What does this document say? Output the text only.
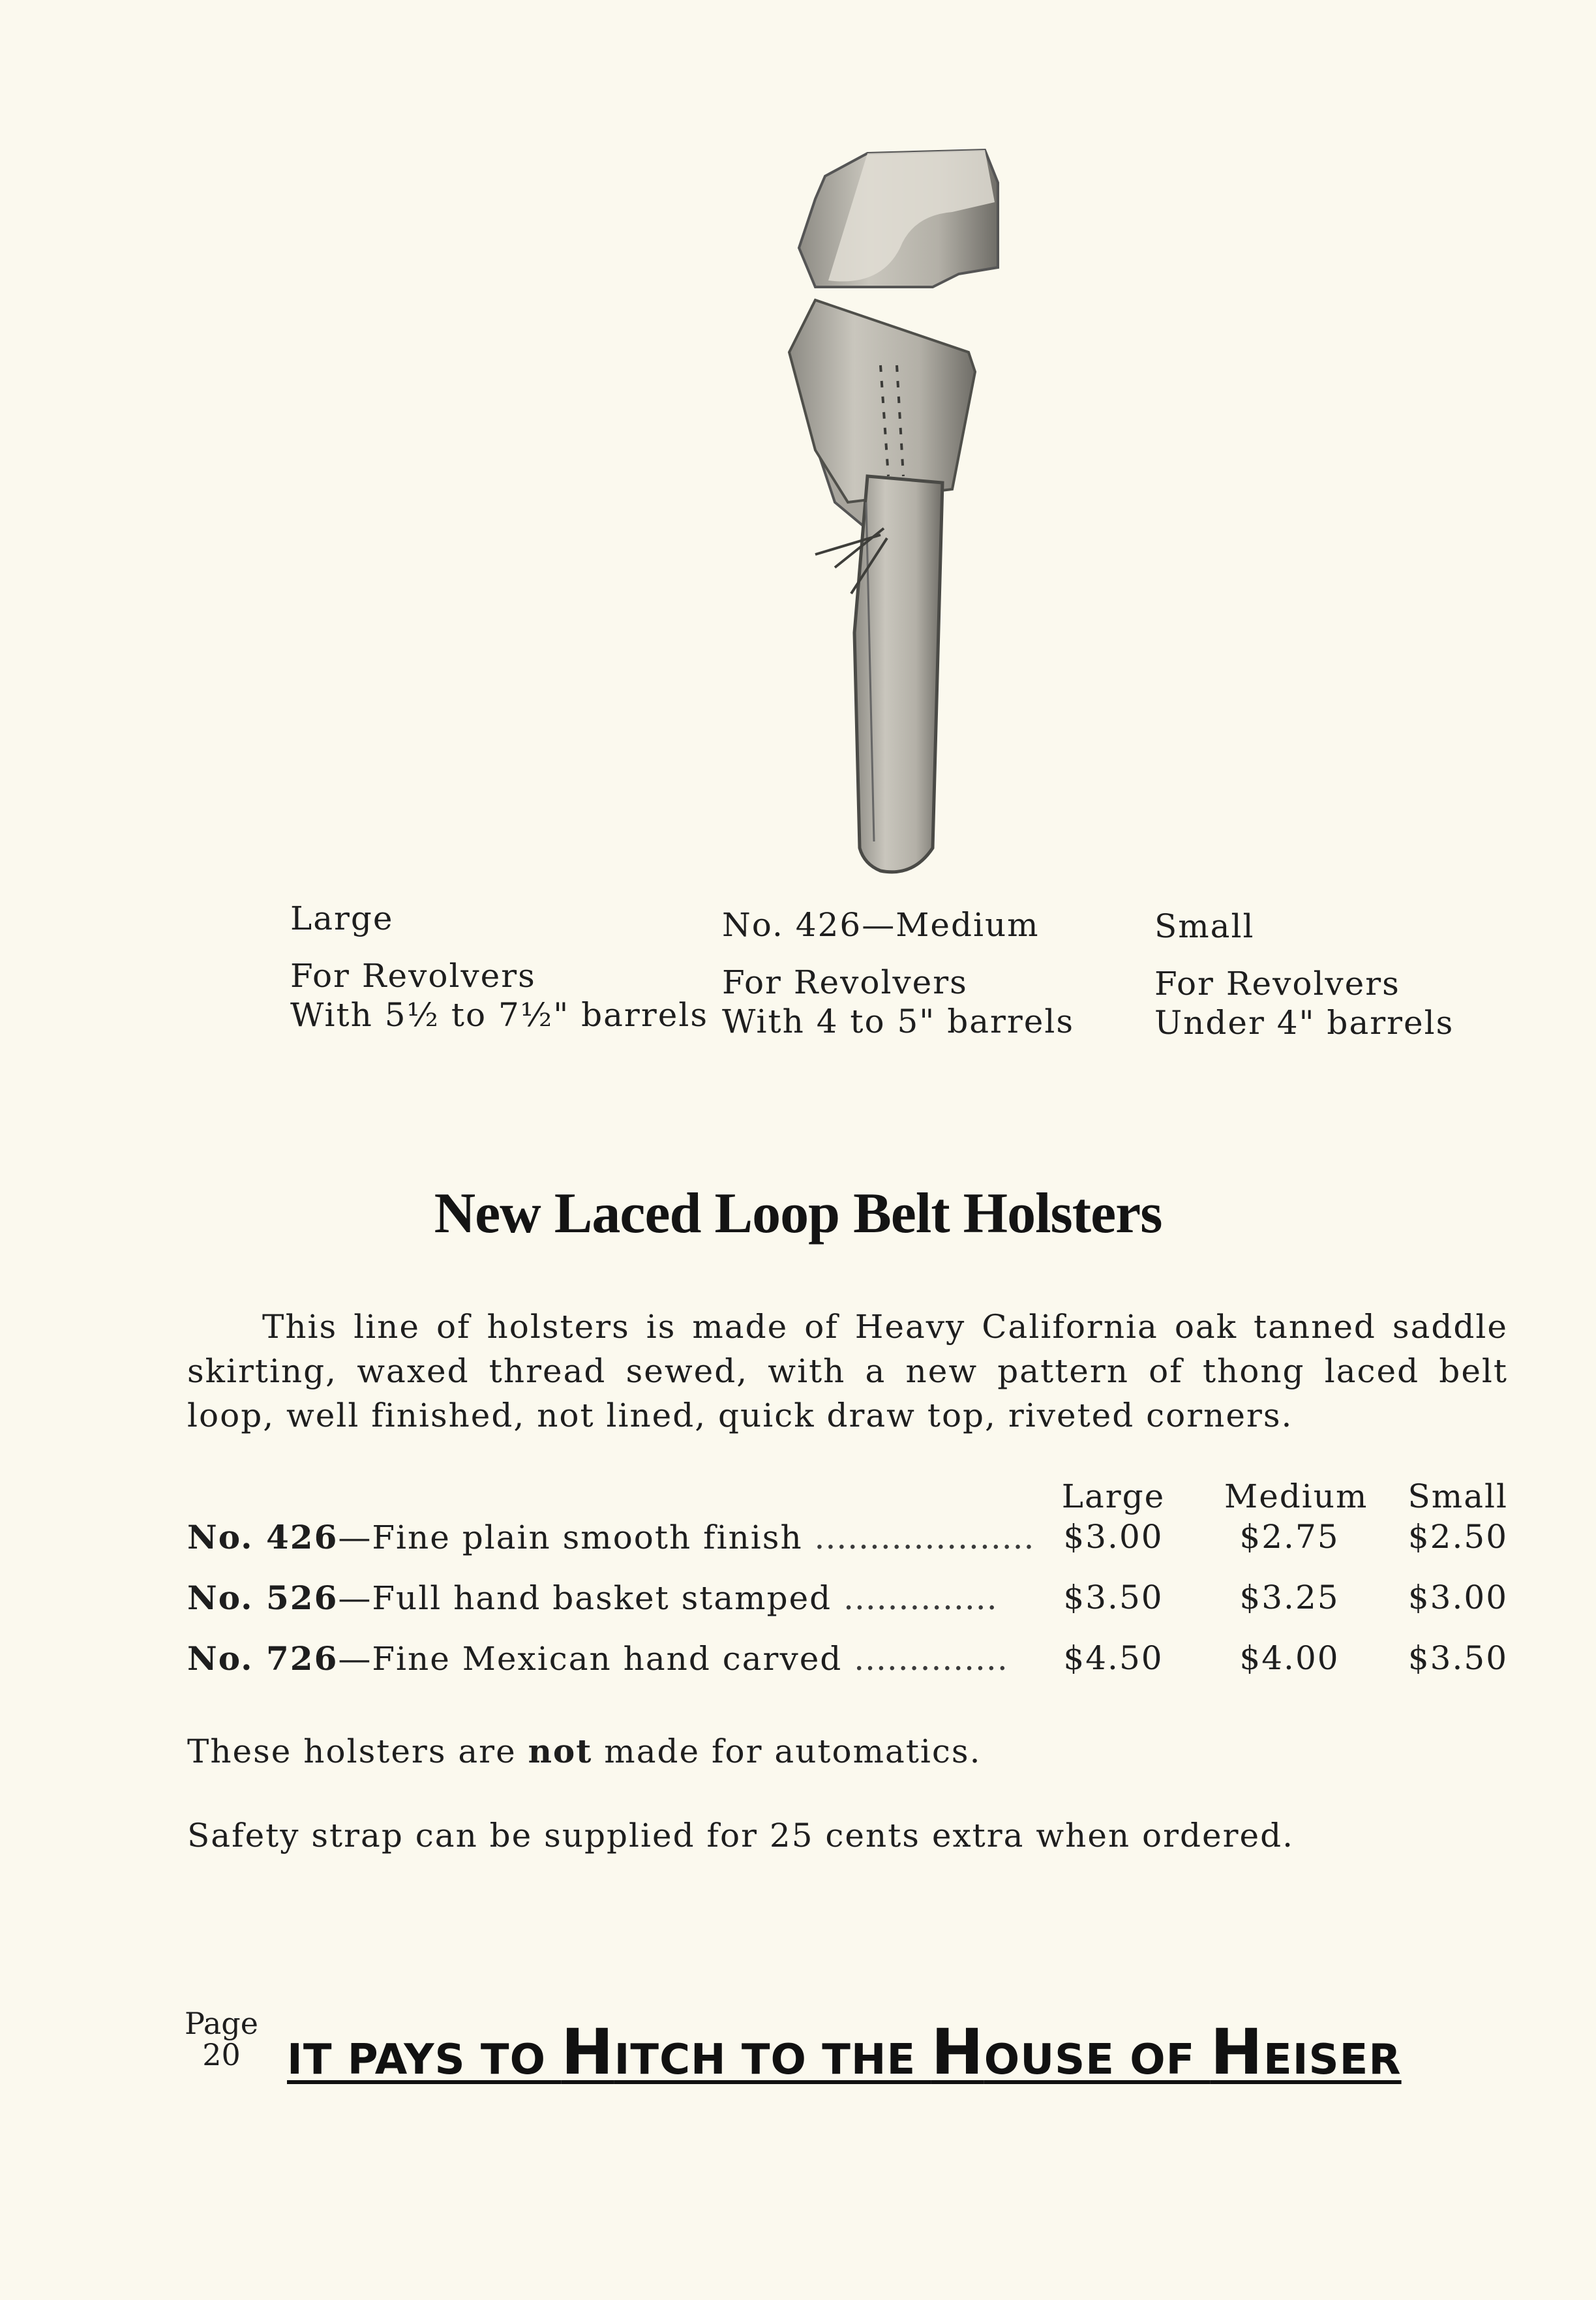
Large
For Revolvers
With 5½ to 7½" barrels
No. 426—Medium
For Revolvers
With 4 to 5" barrels
Small
For Revolvers
Under 4" barrels
New Laced Loop Belt Holsters
This line of holsters is made of Heavy California oak tanned saddle skirting, waxed thread sewed, with a new pattern of thong laced belt loop, well finished, not lined, quick draw top, riveted corners.
Large	Medium Small
No. 426—Fine plain smooth finish .................... $3.00	$2.75	$2.50
No. 526—Full hand basket stamped ..............	$3.50	$3.25	$3.00
No. 726—Fine Mexican hand carved ..............	$4.50	$4.00	$3.50
These holsters are not made for automatics.
Safety strap can be supplied for 25 cents extra when ordered.
Page
20	IT PAYS TO HITCH TO THE HOUSE OF HEISER
